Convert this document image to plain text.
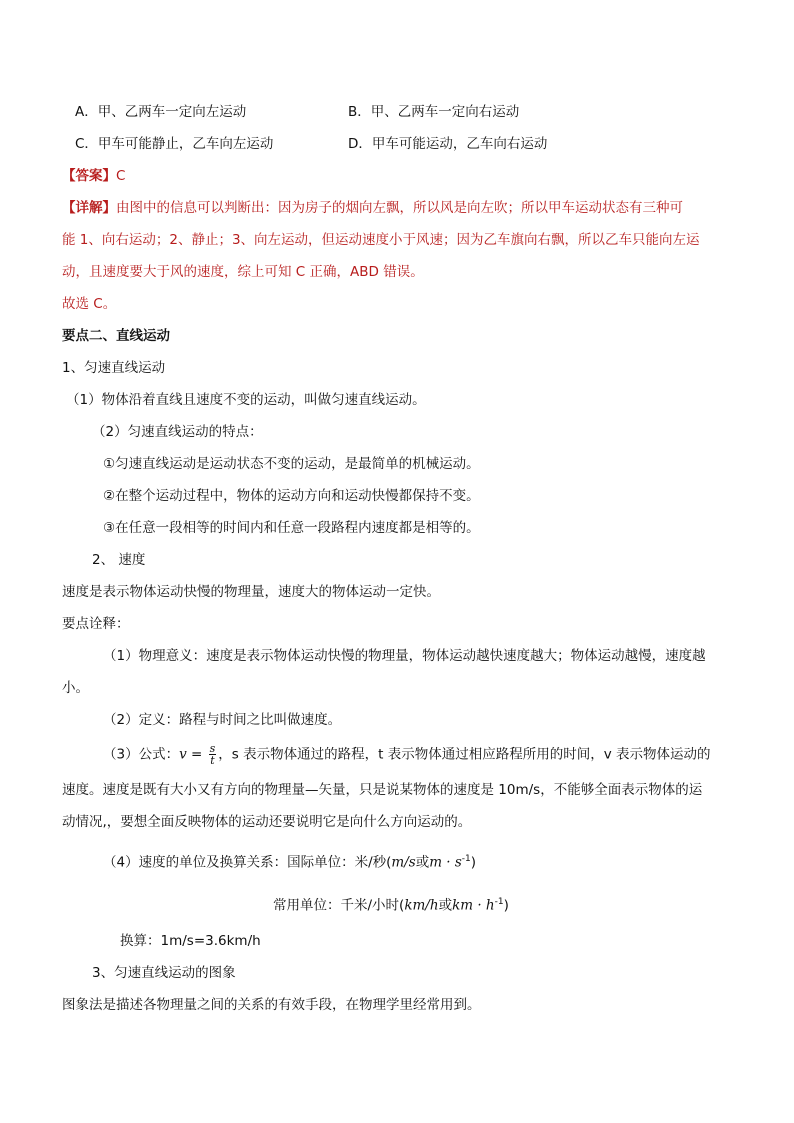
A．甲、乙两车一定向左运动	B．甲、乙两车一定向右运动
C．甲车可能静止，乙车向左运动	D．甲车可能运动，乙车向右运动
【答案】C
【详解】由图中的信息可以判断出：因为房子的烟向左飘，所以风是向左吹；所以甲车运动状态有三种可
能 1、向右运动；2、静止；3、向左运动，但运动速度小于风速；因为乙车旗向右飘，所以乙车只能向左运
动，且速度要大于风的速度，综上可知 C 正确，ABD 错误。
故选 C。
要点二、直线运动
1、匀速直线运动
（1）物体沿着直线且速度不变的运动，叫做匀速直线运动。
（2）匀速直线运动的特点：
①匀速直线运动是运动状态不变的运动，是最简单的机械运动。
②在整个运动过程中，物体的运动方向和运动快慢都保持不变。
③在任意一段相等的时间内和任意一段路程内速度都是相等的。
2、 速度
速度是表示物体运动快慢的物理量，速度大的物体运动一定快。
要点诠释：
（1）物理意义：速度是表示物体运动快慢的物理量，物体运动越快速度越大；物体运动越慢，速度越
小。
（2）定义：路程与时间之比叫做速度。
（3）公式：$v = \frac{s}{t}$ ，s 表示物体通过的路程，t 表示物体通过相应路程所用的时间，v 表示物体运动的
速度。速度是既有大小又有方向的物理量—矢量，只是说某物体的速度是 10m/s，不能够全面表示物体的运
动情况,，要想全面反映物体的运动还要说明它是向什么方向运动的。
（4）速度的单位及换算关系：国际单位：米/秒(m/s或$m \cdot s^{-1}$)
常用单位：千米/小时(km/h或km · $h^{-1}$)
换算：1m/s=3.6km/h
3、匀速直线运动的图象
图象法是描述各物理量之间的关系的有效手段，在物理学里经常用到。
